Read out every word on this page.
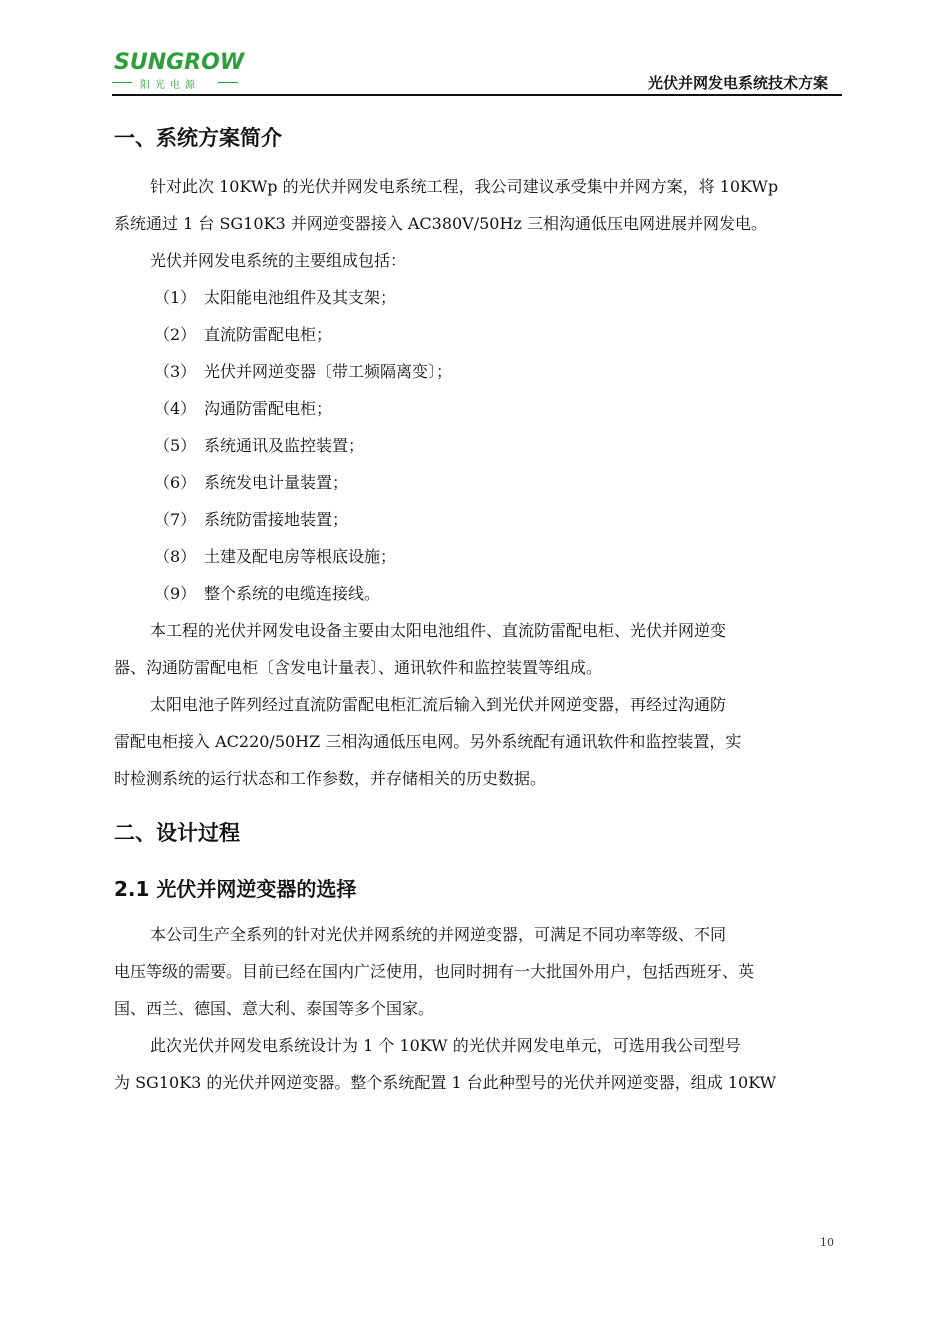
SUNGROW
阳光电源	光伏并网发电系统技术方案
一、系统方案简介

针对此次 10KWp 的光伏并网发电系统工程，我公司建议承受集中并网方案，将 10KWp

系统通过 1 台 SG10K3 并网逆变器接入 AC380V/50Hz 三相沟通低压电网进展并网发电。

光伏并网发电系统的主要组成包括：

（1） 太阳能电池组件及其支架；

（2） 直流防雷配电柜；

（3） 光伏并网逆变器〔带工频隔离变〕；

（4） 沟通防雷配电柜；

（5） 系统通讯及监控装置；

（6） 系统发电计量装置；

（7） 系统防雷接地装置；

（8） 土建及配电房等根底设施；

（9） 整个系统的电缆连接线。

本工程的光伏并网发电设备主要由太阳电池组件、直流防雷配电柜、光伏并网逆变

器、沟通防雷配电柜〔含发电计量表〕、通讯软件和监控装置等组成。

太阳电池子阵列经过直流防雷配电柜汇流后输入到光伏并网逆变器，再经过沟通防

雷配电柜接入 AC220/50HZ 三相沟通低压电网。另外系统配有通讯软件和监控装置，实

时检测系统的运行状态和工作参数，并存储相关的历史数据。

二、设计过程
2.1 光伏并网逆变器的选择

本公司生产全系列的针对光伏并网系统的并网逆变器，可满足不同功率等级、不同

电压等级的需要。目前已经在国内广泛使用，也同时拥有一大批国外用户，包括西班牙、英

国、西兰、德国、意大利、泰国等多个国家。

此次光伏并网发电系统设计为 1 个 10KW 的光伏并网发电单元，可选用我公司型号

为 SG10K3 的光伏并网逆变器。整个系统配置 1 台此种型号的光伏并网逆变器，组成 10KW

10
